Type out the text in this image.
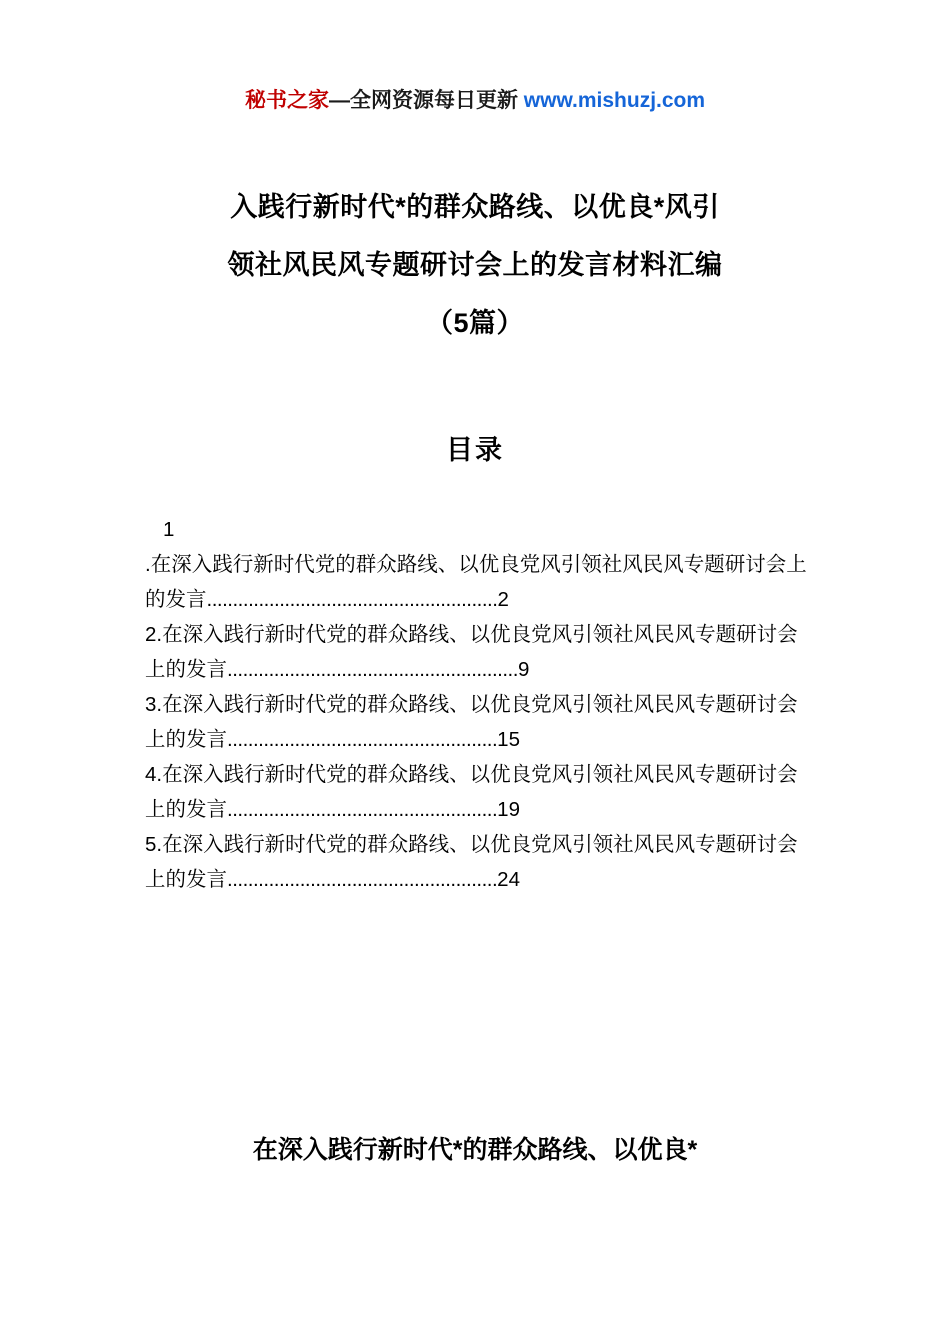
秘书之家—全网资源每日更新 www.mishuzj.com
入践行新时代*的群众路线、以优良*风引
领社风民风专题研讨会上的发言材料汇编
（5篇）
目录
1
.在深入践行新时代党的群众路线、以优良党风引领社风民风专题研讨会上的发言........................................................2
2.在深入践行新时代党的群众路线、以优良党风引领社风民风专题研讨会上的发言........................................................9
3.在深入践行新时代党的群众路线、以优良党风引领社风民风专题研讨会上的发言....................................................15
4.在深入践行新时代党的群众路线、以优良党风引领社风民风专题研讨会上的发言....................................................19
5.在深入践行新时代党的群众路线、以优良党风引领社风民风专题研讨会上的发言....................................................24
在深入践行新时代*的群众路线、以优良*
